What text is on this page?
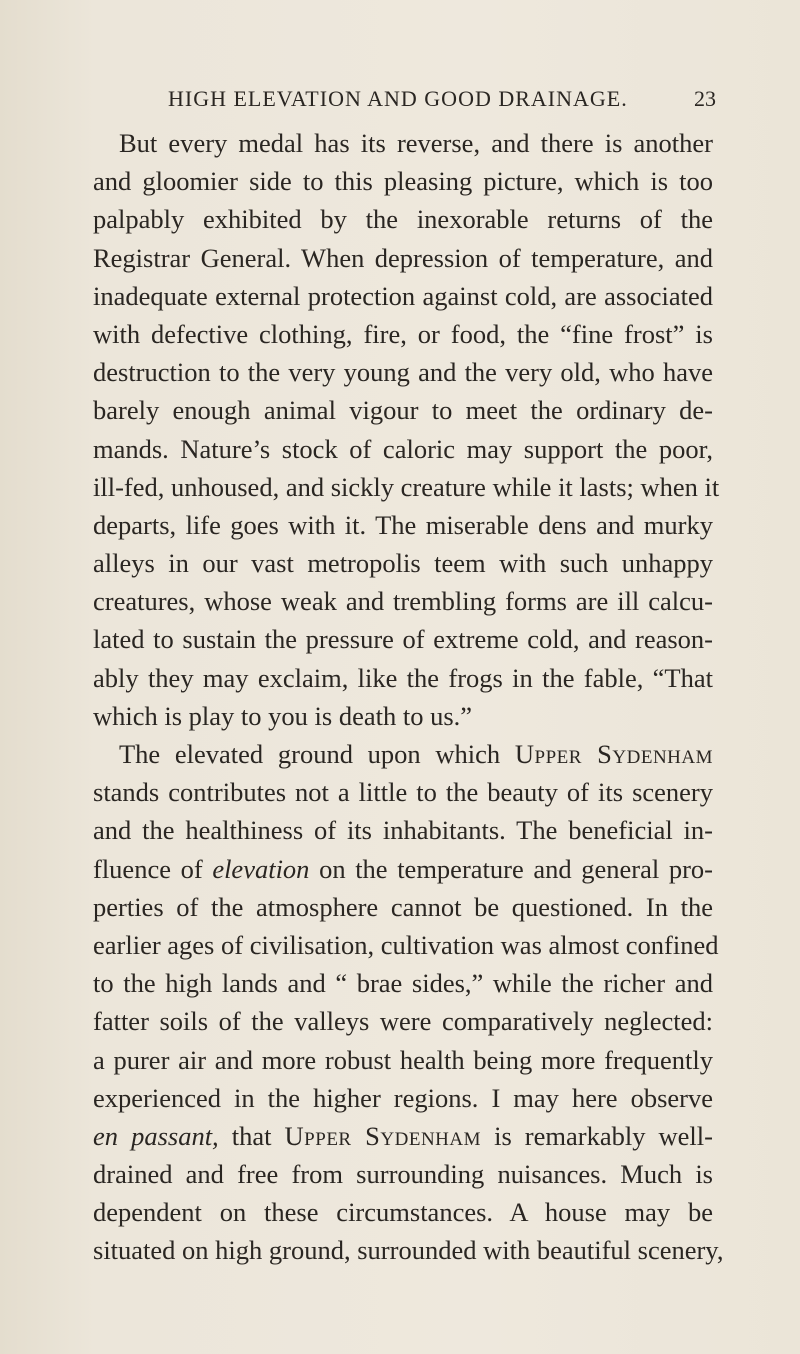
HIGH ELEVATION AND GOOD DRAINAGE.	23
But every medal has its reverse, and there is another
and gloomier side to this pleasing picture, which is too
palpably exhibited by the inexorable returns of the
Registrar General. When depression of temperature, and
inadequate external protection against cold, are associated
with defective clothing, fire, or food, the “fine frost” is
destruction to the very young and the very old, who have
barely enough animal vigour to meet the ordinary de-
mands. Nature’s stock of caloric may support the poor,
ill-fed, unhoused, and sickly creature while it lasts; when it
departs, life goes with it. The miserable dens and murky
alleys in our vast metropolis teem with such unhappy
creatures, whose weak and trembling forms are ill calcu-
lated to sustain the pressure of extreme cold, and reason-
ably they may exclaim, like the frogs in the fable, “That
which is play to you is death to us.”
The elevated ground upon which Upper Sydenham
stands contributes not a little to the beauty of its scenery
and the healthiness of its inhabitants. The beneficial in-
fluence of elevation on the temperature and general pro-
perties of the atmosphere cannot be questioned. In the
earlier ages of civilisation, cultivation was almost confined
to the high lands and “ brae sides,” while the richer and
fatter soils of the valleys were comparatively neglected:
a purer air and more robust health being more frequently
experienced in the higher regions. I may here observe
en passant, that Upper Sydenham is remarkably well-
drained and free from surrounding nuisances. Much is
dependent on these circumstances. A house may be
situated on high ground, surrounded with beautiful scenery,
